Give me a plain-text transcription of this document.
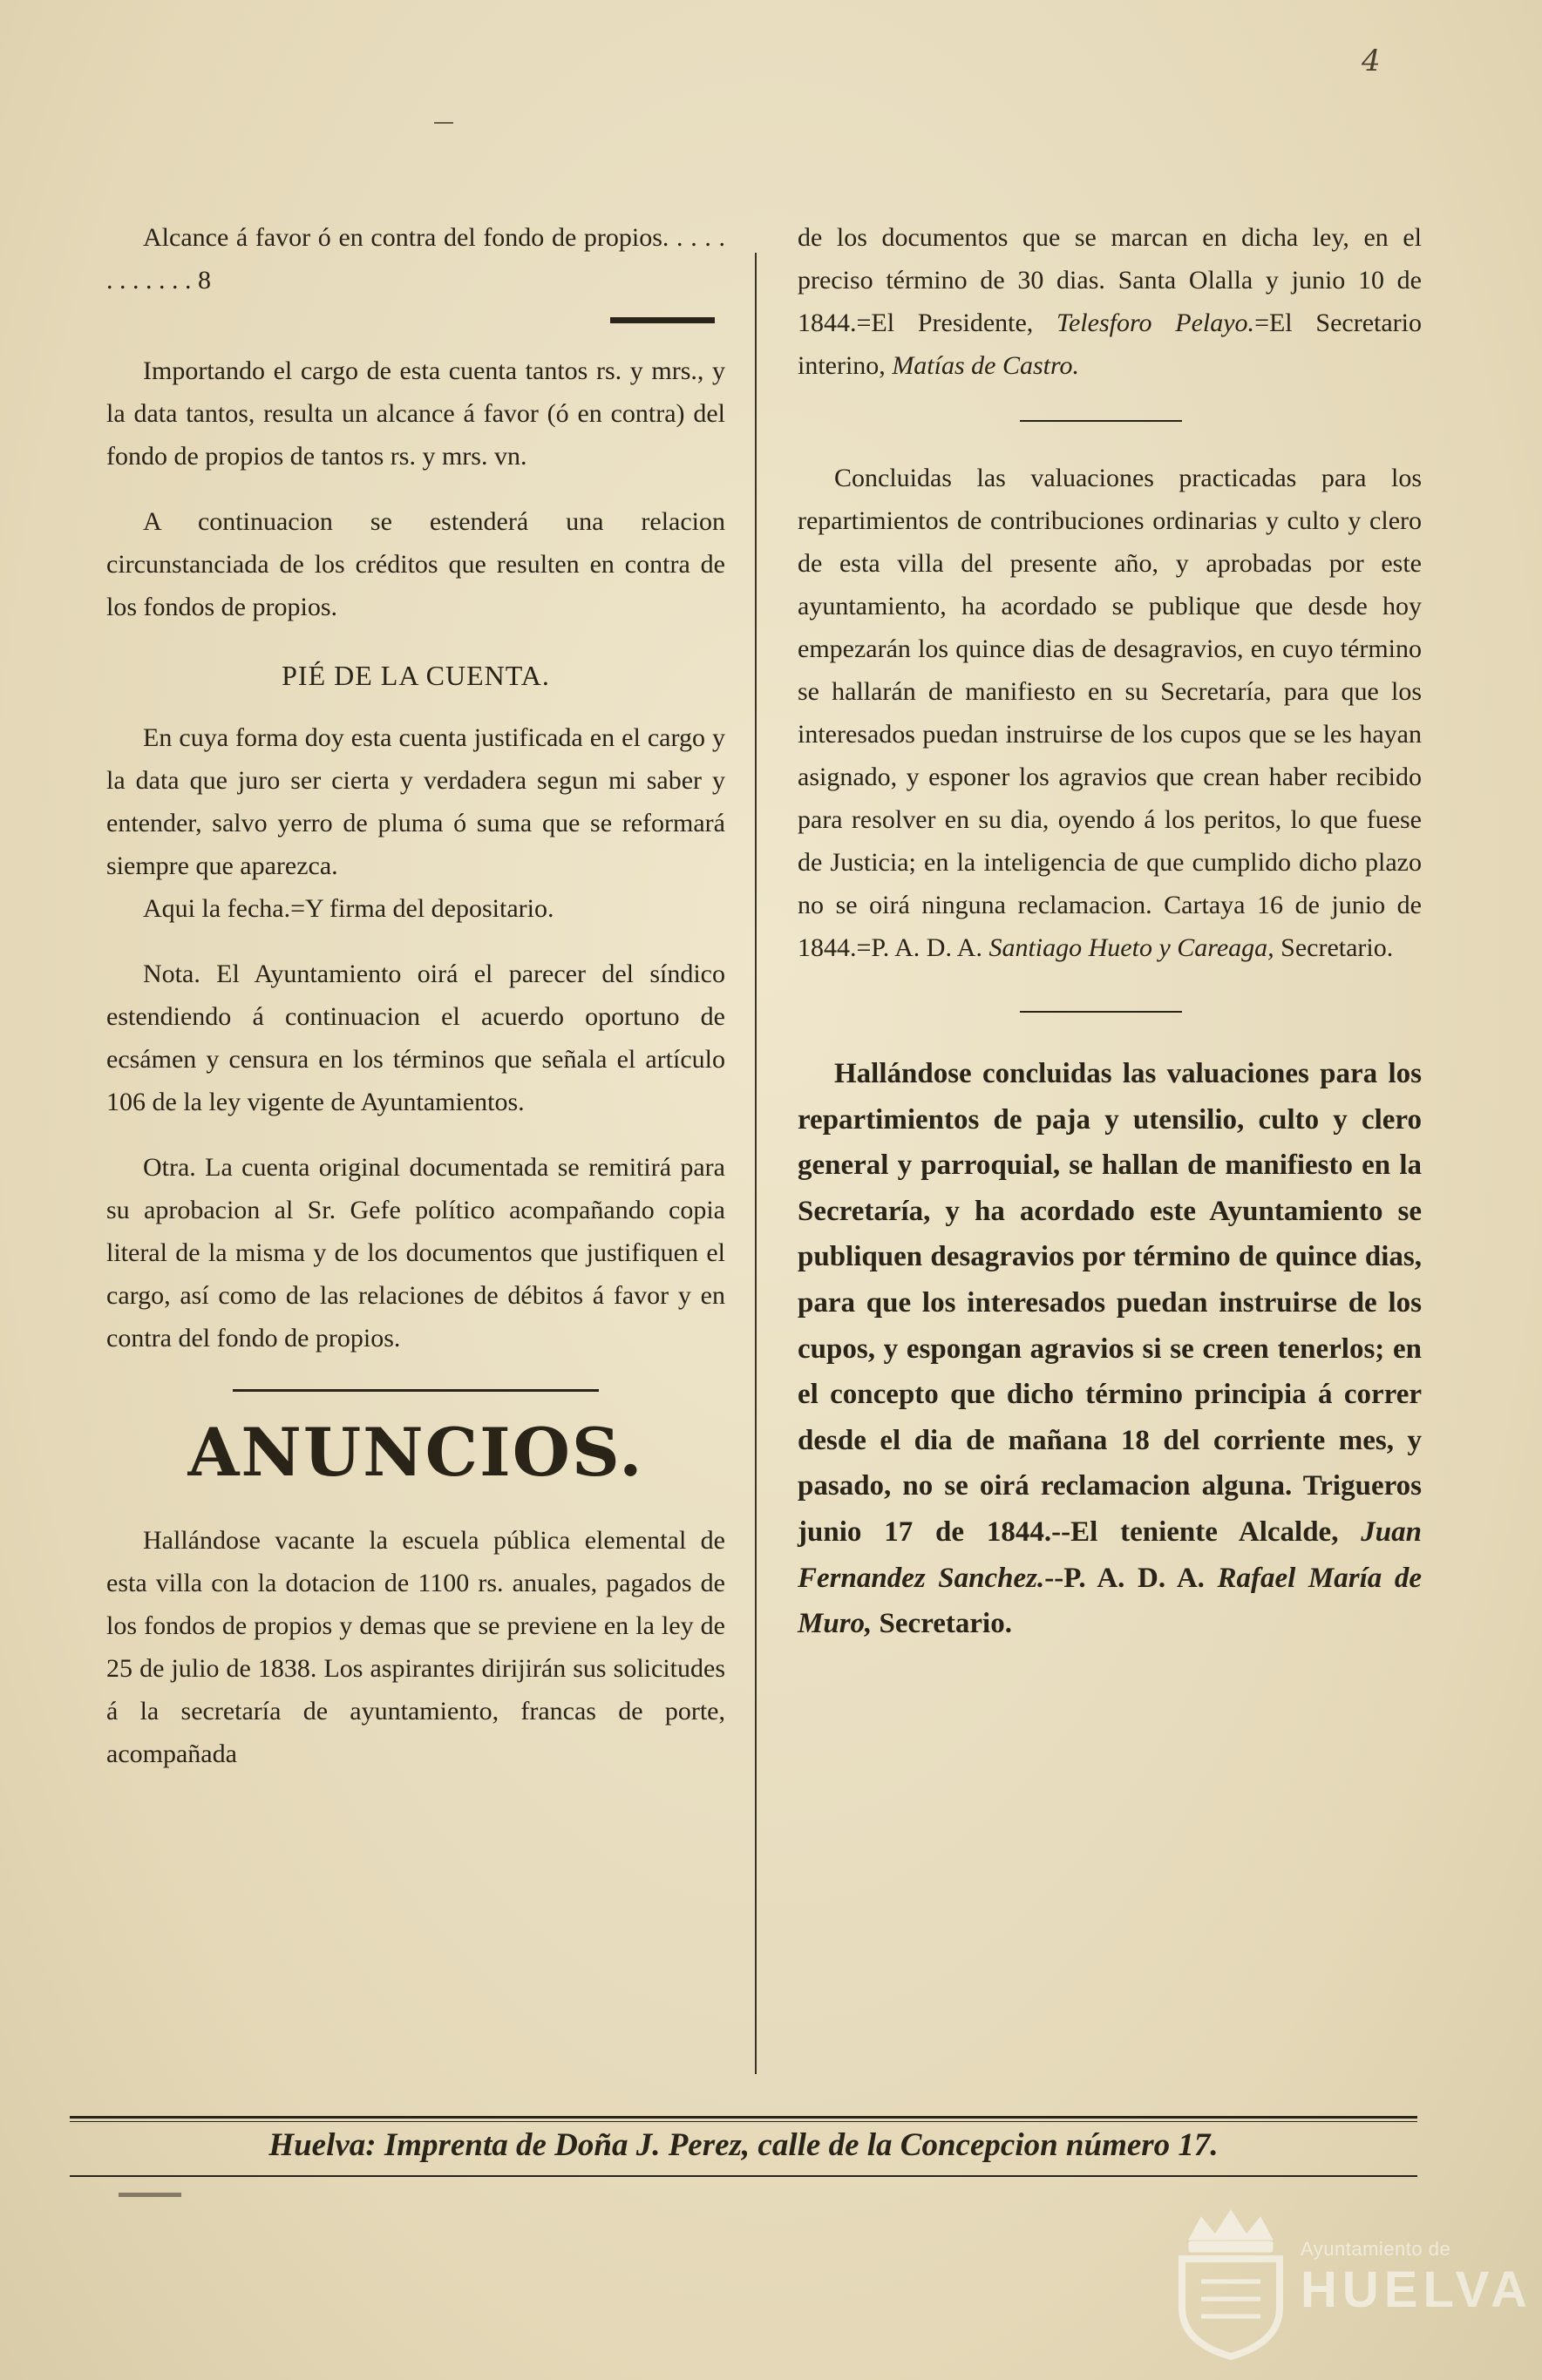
4

Alcance á favor ó en contra del fondo de propios. . . . . . . . . . . . 8

Importando el cargo de esta cuenta tantos rs. y mrs., y la data tantos, resulta un alcance á favor (ó en contra) del fondo de propios de tantos rs. y mrs. vn.

A continuacion se estenderá una relacion circunstanciada de los créditos que resulten en contra de los fondos de propios.

PIÉ DE LA CUENTA.

En cuya forma doy esta cuenta justificada en el cargo y la data que juro ser cierta y verdadera segun mi saber y entender, salvo yerro de pluma ó suma que se reformará siempre que aparezca.

Aqui la fecha.=Y firma del depositario.

Nota. El Ayuntamiento oirá el parecer del síndico estendiendo á continuacion el acuerdo oportuno de ecsámen y censura en los términos que señala el artículo 106 de la ley vigente de Ayuntamientos.

Otra. La cuenta original documentada se remitirá para su aprobacion al Sr. Gefe político acompañando copia literal de la misma y de los documentos que justifiquen el cargo, así como de las relaciones de débitos á favor y en contra del fondo de propios.

ANUNCIOS.

Hallándose vacante la escuela pública elemental de esta villa con la dotacion de 1100 rs. anuales, pagados de los fondos de propios y demas que se previene en la ley de 25 de julio de 1838. Los aspirantes dirijirán sus solicitudes á la secretaría de ayuntamiento, francas de porte, acompañada

de los documentos que se marcan en dicha ley, en el preciso término de 30 dias. Santa Olalla y junio 10 de 1844.=El Presidente, Telesforo Pelayo.=El Secretario interino, Matías de Castro.

Concluidas las valuaciones practicadas para los repartimientos de contribuciones ordinarias y culto y clero de esta villa del presente año, y aprobadas por este ayuntamiento, ha acordado se publique que desde hoy empezarán los quince dias de desagravios, en cuyo término se hallarán de manifiesto en su Secretaría, para que los interesados puedan instruirse de los cupos que se les hayan asignado, y esponer los agravios que crean haber recibido para resolver en su dia, oyendo á los peritos, lo que fuese de Justicia; en la inteligencia de que cumplido dicho plazo no se oirá ninguna reclamacion. Cartaya 16 de junio de 1844.=P. A. D. A. Santiago Hueto y Careaga, Secretario.

Hallándose concluidas las valuaciones para los repartimientos de paja y utensilio, culto y clero general y parroquial, se hallan de manifiesto en la Secretaría, y ha acordado este Ayuntamiento se publiquen desagravios por término de quince dias, para que los interesados puedan instruirse de los cupos, y espongan agravios si se creen tenerlos; en el concepto que dicho término principia á correr desde el dia de mañana 18 del corriente mes, y pasado, no se oirá reclamacion alguna. Trigueros junio 17 de 1844.--El teniente Alcalde, Juan Fernandez Sanchez.--P. A. D. A. Rafael María de Muro, Secretario.

Huelva: Imprenta de Doña J. Perez, calle de la Concepcion número 17.
Ayuntamiento de
HUELVA
